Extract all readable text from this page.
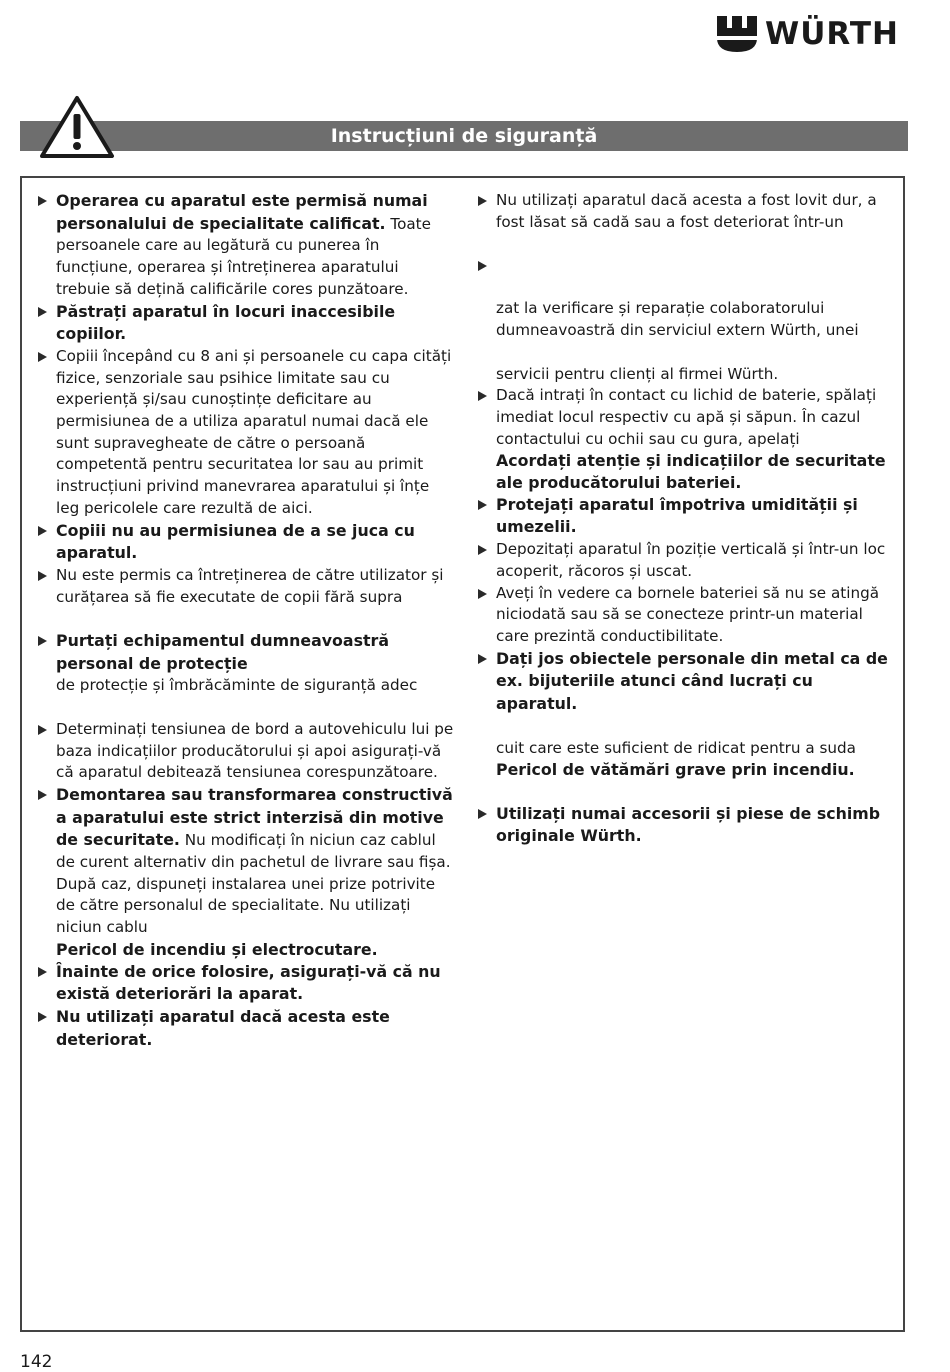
WÜRTH
Instrucțiuni de siguranță
Operarea cu aparatul este permisă numai personalului de specialitate calificat. Toate persoanele care au legătură cu punerea în funcțiune, operarea și întreținerea aparatului trebuie să dețină calificările cores punzătoare.
Păstrați aparatul în locuri inaccesibile copiilor.
Copiii începând cu 8 ani și persoanele cu capa cități fizice, senzoriale sau psihice limitate sau cu experiență și/sau cunoștințe deficitare au permisiunea de a utiliza aparatul numai dacă ele sunt supravegheate de către o persoană competentă pentru securitatea lor sau au primit instrucțiuni privind manevrarea aparatului și înțe leg pericolele care rezultă de aici.
Copiii nu au permisiunea de a se juca cu aparatul.
Nu este permis ca întreținerea de către utilizator și curățarea să fie executate de copii fără supra
Purtați echipamentul dumneavoastră personal de protecție
de protecție și îmbrăcăminte de siguranță adec
Determinați tensiunea de bord a autovehiculu lui pe baza indicațiilor producătorului și apoi asigurați-vă că aparatul debitează tensiunea corespunzătoare.
Demontarea sau transformarea constructivă a aparatului este strict interzisă din motive de securitate. Nu modificați în niciun caz cablul de curent alternativ din pachetul de livrare sau fișa. După caz, dispuneți instalarea unei prize potrivite de către personalul de specialitate. Nu utilizați niciun cablu
Pericol de incendiu și electrocutare.
Înainte de orice folosire, asigurați-vă că nu există deteriorări la aparat.
Nu utilizați aparatul dacă acesta este deteriorat.
Nu utilizați aparatul dacă acesta a fost lovit dur, a fost lăsat să cadă sau a fost deteriorat într-un
zat la verificare și reparație colaboratorului dumneavoastră din serviciul extern Würth, unei
servicii pentru clienți al firmei Würth.
Dacă intrați în contact cu lichid de baterie, spălați imediat locul respectiv cu apă și săpun. În cazul contactului cu ochii sau cu gura, apelați
Acordați atenție și indicațiilor de securitate ale producătorului bateriei.
Protejați aparatul împotriva umidității și umezelii.
Depozitați aparatul în poziție verticală și într-un loc acoperit, răcoros și uscat.
Aveți în vedere ca bornele bateriei să nu se atingă niciodată sau să se conecteze printr-un material care prezintă conductibilitate.
Dați jos obiectele personale din metal ca de ex. bijuteriile atunci când lucrați cu aparatul.
cuit care este suficient de ridicat pentru a suda
Pericol de vătămări grave prin incendiu.
Utilizați numai accesorii și piese de schimb originale Würth.
142
